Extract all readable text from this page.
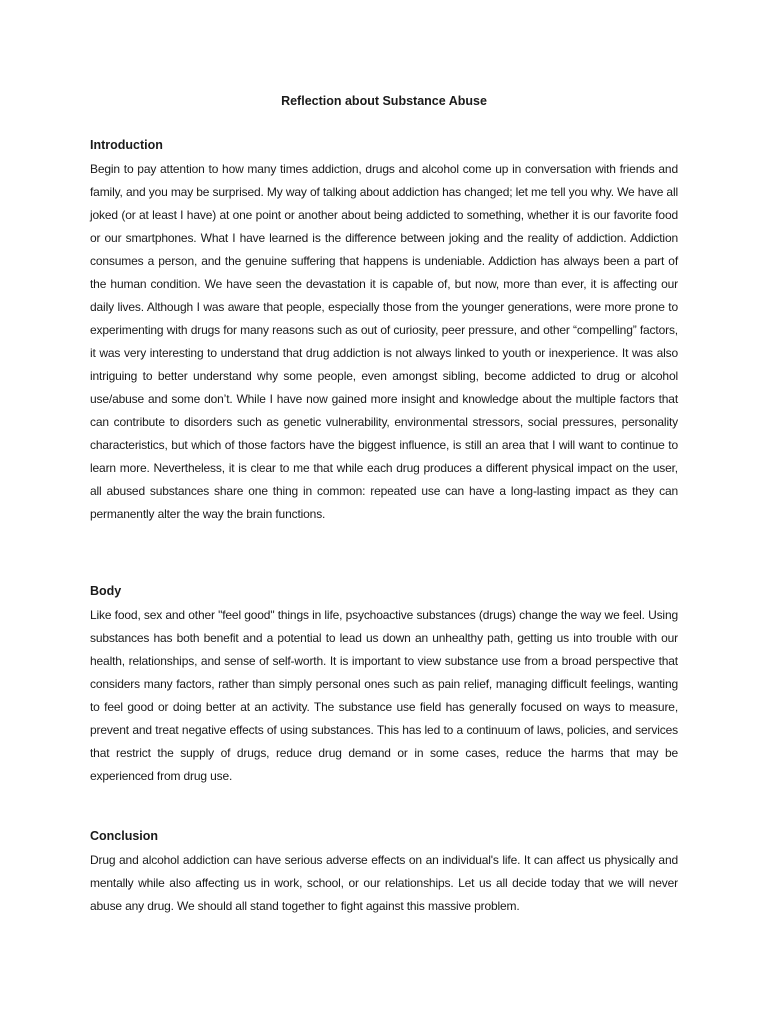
Reflection about Substance Abuse

Introduction

Begin to pay attention to how many times addiction, drugs and alcohol come up in conversation with friends and family, and you may be surprised. My way of talking about addiction has changed; let me tell you why. We have all joked (or at least I have) at one point or another about being addicted to something, whether it is our favorite food or our smartphones. What I have learned is the difference between joking and the reality of addiction. Addiction consumes a person, and the genuine suffering that happens is undeniable. Addiction has always been a part of the human condition. We have seen the devastation it is capable of, but now, more than ever, it is affecting our daily lives. Although I was aware that people, especially those from the younger generations, were more prone to experimenting with drugs for many reasons such as out of curiosity, peer pressure, and other “compelling” factors, it was very interesting to understand that drug addiction is not always linked to youth or inexperience. It was also intriguing to better understand why some people, even amongst sibling, become addicted to drug or alcohol use/abuse and some don’t. While I have now gained more insight and knowledge about the multiple factors that can contribute to disorders such as genetic vulnerability, environmental stressors, social pressures, personality characteristics, but which of those factors have the biggest influence, is still an area that I will want to continue to learn more. Nevertheless, it is clear to me that while each drug produces a different physical impact on the user, all abused substances share one thing in common: repeated use can have a long-lasting impact as they can permanently alter the way the brain functions.

Body

Like food, sex and other "feel good" things in life, psychoactive substances (drugs) change the way we feel. Using substances has both benefit and a potential to lead us down an unhealthy path, getting us into trouble with our health, relationships, and sense of self-worth. It is important to view substance use from a broad perspective that considers many factors, rather than simply personal ones such as pain relief, managing difficult feelings, wanting to feel good or doing better at an activity. The substance use field has generally focused on ways to measure, prevent and treat negative effects of using substances. This has led to a continuum of laws, policies, and services that restrict the supply of drugs, reduce drug demand or in some cases, reduce the harms that may be experienced from drug use.

Conclusion

Drug and alcohol addiction can have serious adverse effects on an individual's life. It can affect us physically and mentally while also affecting us in work, school, or our relationships. Let us all decide today that we will never abuse any drug. We should all stand together to fight against this massive problem.
